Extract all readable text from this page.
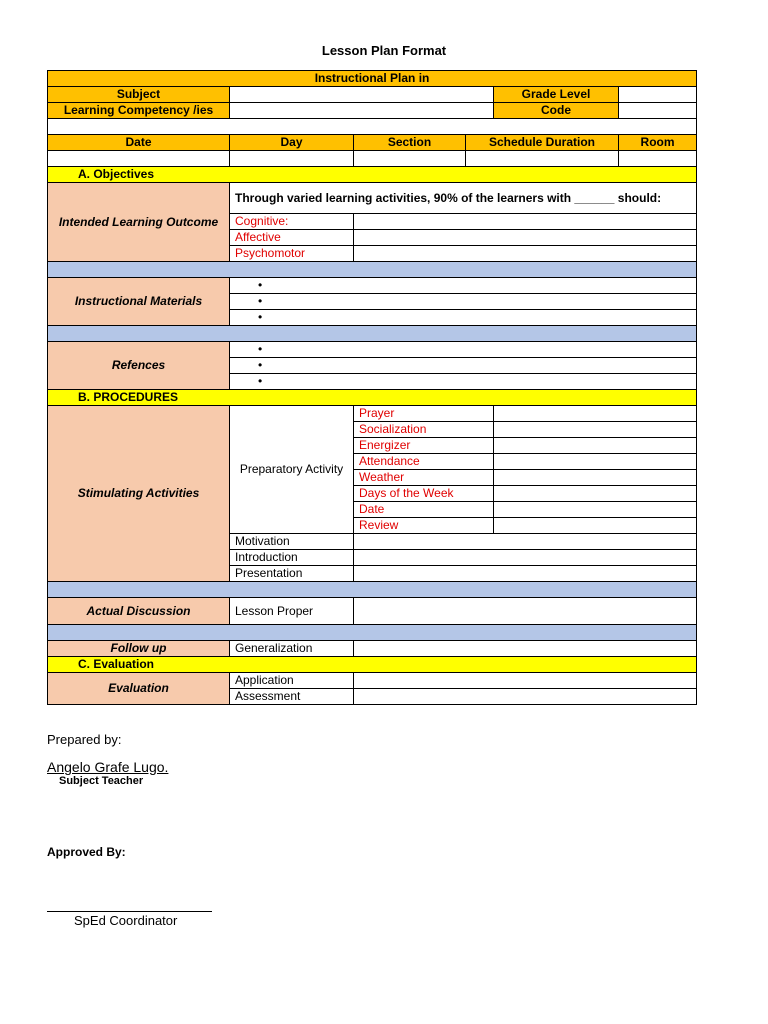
Lesson Plan Format
Instructional Plan in					
Subject				Grade Level	
Learning Competency /ies				Code	

Date	Day	Section	Schedule Duration		Room

A. Objectives					
Intended Learning Outcome	Through varied learning activities, 90% of the learners with ______ should:				
	Cognitive:				
	Affective				
	Psychomotor				

Instructional Materials	•				
	•				
	•				

Refences	•				
	•				
	•				
B. PROCEDURES					
Stimulating Activities	Preparatory Activity	Prayer			
		Socialization			
		Energizer			
		Attendance			
		Weather			
		Days of the Week			
		Date			
		Review			
	Motivation				
	Introduction				
	Presentation				

Actual Discussion	Lesson Proper				

Follow up	Generalization				
C. Evaluation					
Evaluation	Application				
	Assessment				
Prepared by:
Angelo Grafe Lugo.
Subject Teacher
Approved By:
SpEd Coordinator
